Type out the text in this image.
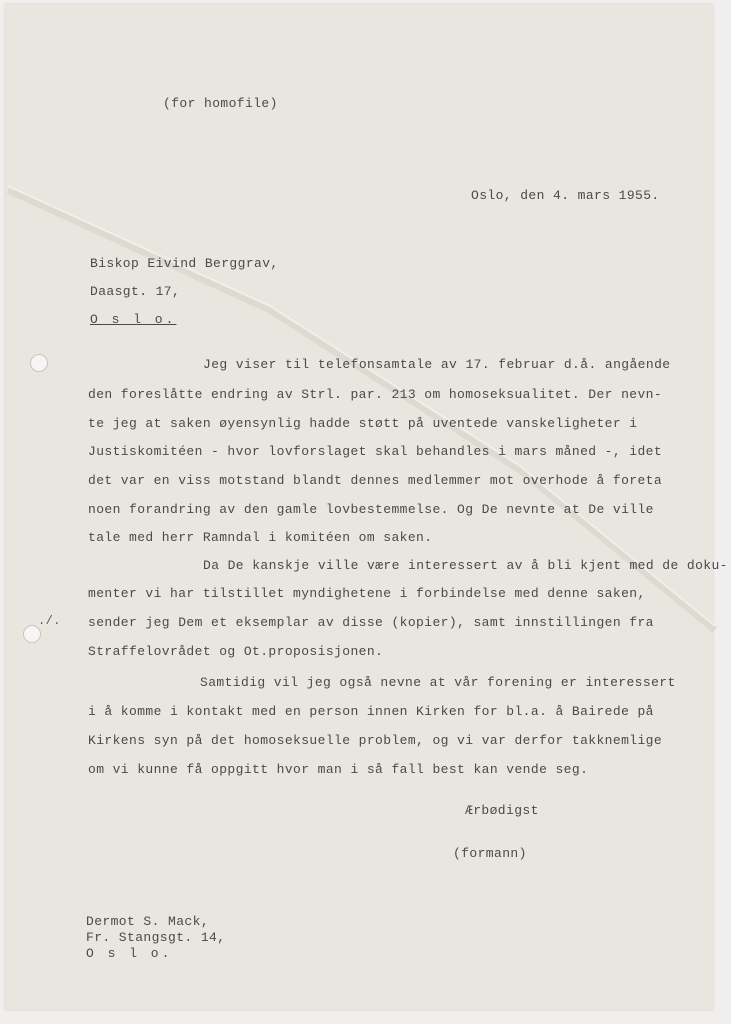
(for homofile)
Oslo, den 4. mars 1955.
Biskop Eivind Berggrav,
Daasgt. 17,
O s l o.
Jeg viser til telefonsamtale av 17. februar d.å. angående
den foreslåtte endring av Strl. par. 213 om homoseksualitet. Der nevn-
te jeg at saken øyensynlig hadde støtt på uventede vanskeligheter i
Justiskomitéen - hvor lovforslaget skal behandles i mars måned -, idet
det var en viss motstand blandt dennes medlemmer mot overhode å foreta
noen forandring av den gamle lovbestemmelse. Og De nevnte at De ville
tale med herr Ramndal i komitéen om saken.
Da De kanskje ville være interessert av å bli kjent med de doku-
menter vi har tilstillet myndighetene i forbindelse med denne saken,
./. sender jeg Dem et eksemplar av disse (kopier), samt innstillingen fra
Straffelovrådet og Ot.proposisjonen.
Samtidig vil jeg også nevne at vår forening er interessert
i å komme i kontakt med en person innen Kirken for bl.a. å Bairede på
Kirkens syn på det homoseksuelle problem, og vi var derfor takknemlige
om vi kunne få oppgitt hvor man i så fall best kan vende seg.
Ærbødigst
(formann)
Dermot S. Mack,
Fr. Stangsgt. 14,
O s l o.
